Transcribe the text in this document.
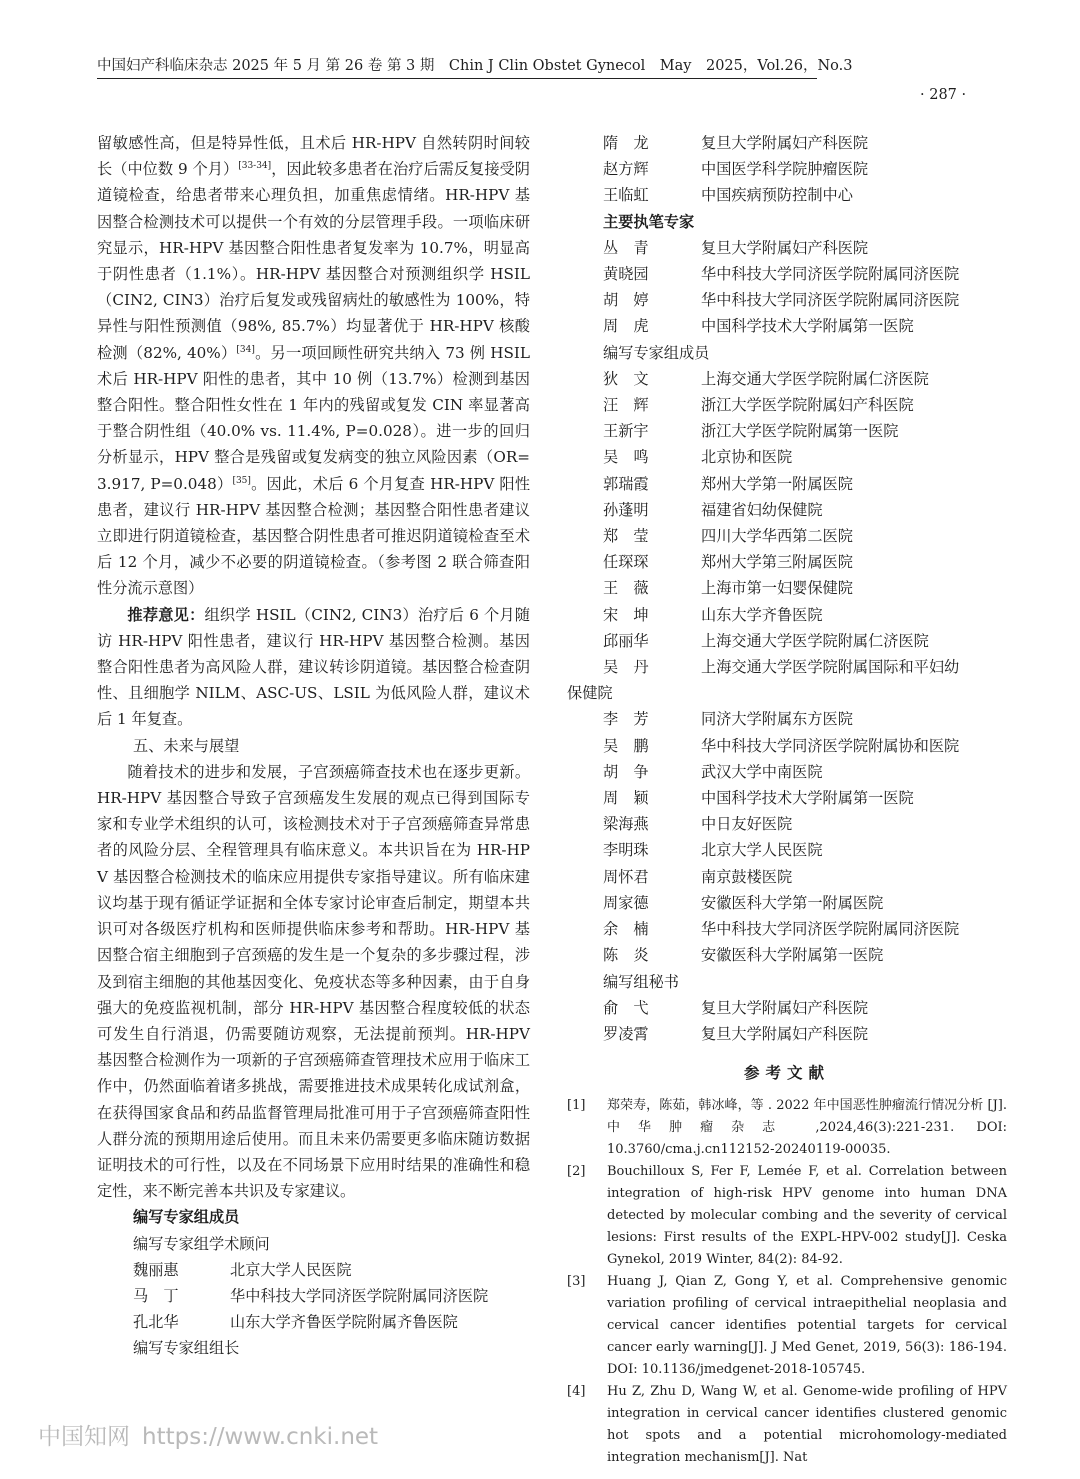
中国妇产科临床杂志 2025 年 5 月 第 26 卷 第 3 期　Chin J Clin Obstet Gynecol　May　2025，Vol.26，No.3
· 287 ·

留敏感性高，但是特异性低，且术后 HR-HPV 自然转阴时间较长（中位数 9 个月）[33-34]，因此较多患者在治疗后需反复接受阴道镜检查，给患者带来心理负担，加重焦虑情绪。HR-HPV 基因整合检测技术可以提供一个有效的分层管理手段。一项临床研究显示，HR-HPV 基因整合阳性患者复发率为 10.7%，明显高于阴性患者（1.1%）。HR-HPV 基因整合对预测组织学 HSIL（CIN2, CIN3）治疗后复发或残留病灶的敏感性为 100%，特异性与阳性预测值（98%, 85.7%）均显著优于 HR-HPV 核酸检测（82%, 40%）[34]。另一项回顾性研究共纳入 73 例 HSIL 术后 HR-HPV 阳性的患者，其中 10 例（13.7%）检测到基因整合阳性。整合阳性女性在 1 年内的残留或复发 CIN 率显著高于整合阴性组（40.0% vs. 11.4%, P=0.028）。进一步的回归分析显示，HPV 整合是残留或复发病变的独立风险因素（OR=3.917, P=0.048）[35]。因此，术后 6 个月复查 HR-HPV 阳性患者，建议行 HR-HPV 基因整合检测；基因整合阳性患者建议立即进行阴道镜检查，基因整合阴性患者可推迟阴道镜检查至术后 12 个月，减少不必要的阴道镜检查。（参考图 2 联合筛查阳性分流示意图）

推荐意见：组织学 HSIL（CIN2, CIN3）治疗后 6 个月随访 HR-HPV 阳性患者，建议行 HR-HPV 基因整合检测。基因整合阳性患者为高风险人群，建议转诊阴道镜。基因整合检查阴性、且细胞学 NILM、ASC-US、LSIL 为低风险人群，建议术后 1 年复查。

五、未来与展望

随着技术的进步和发展，子宫颈癌筛查技术也在逐步更新。HR-HPV 基因整合导致子宫颈癌发生发展的观点已得到国际专家和专业学术组织的认可，该检测技术对于子宫颈癌筛查异常患者的风险分层、全程管理具有临床意义。本共识旨在为 HR-HPV 基因整合检测技术的临床应用提供专家指导建议。所有临床建议均基于现有循证学证据和全体专家讨论审查后制定，期望本共识可对各级医疗机构和医师提供临床参考和帮助。HR-HPV 基因整合宿主细胞到子宫颈癌的发生是一个复杂的多步骤过程，涉及到宿主细胞的其他基因变化、免疫状态等多种因素，由于自身强大的免疫监视机制，部分 HR-HPV 基因整合程度较低的状态可发生自行消退，仍需要随访观察，无法提前预判。HR-HPV 基因整合检测作为一项新的子宫颈癌筛查管理技术应用于临床工作中，仍然面临着诸多挑战，需要推进技术成果转化成试剂盒，在获得国家食品和药品监督管理局批准可用于子宫颈癌筛查阳性人群分流的预期用途后使用。而且未来仍需要更多临床随访数据证明技术的可行性，以及在不同场景下应用时结果的准确性和稳定性，来不断完善本共识及专家建议。

编写专家组成员
编写专家组学术顾问
魏丽惠	北京大学人民医院
马　丁	华中科技大学同济医学院附属同济医院
孔北华	山东大学齐鲁医学院附属齐鲁医院
编写专家组组长
隋　龙	复旦大学附属妇产科医院
赵方辉	中国医学科学院肿瘤医院
王临虹	中国疾病预防控制中心
主要执笔专家
丛　青	复旦大学附属妇产科医院
黄晓园	华中科技大学同济医学院附属同济医院
胡　婷	华中科技大学同济医学院附属同济医院
周　虎	中国科学技术大学附属第一医院
编写专家组成员
狄　文	上海交通大学医学院附属仁济医院
汪　辉	浙江大学医学院附属妇产科医院
王新宇	浙江大学医学院附属第一医院
吴　鸣	北京协和医院
郭瑞霞	郑州大学第一附属医院
孙蓬明	福建省妇幼保健院
郑　莹	四川大学华西第二医院
任琛琛	郑州大学第三附属医院
王　薇	上海市第一妇婴保健院
宋　坤	山东大学齐鲁医院
邱丽华	上海交通大学医学院附属仁济医院
吴　丹	上海交通大学医学院附属国际和平妇幼
保健院
李　芳	同济大学附属东方医院
吴　鹏	华中科技大学同济医学院附属协和医院
胡　争	武汉大学中南医院
周　颖	中国科学技术大学附属第一医院
梁海燕	中日友好医院
李明珠	北京大学人民医院
周怀君	南京鼓楼医院
周家德	安徽医科大学第一附属医院
余　楠	华中科技大学同济医学院附属同济医院
陈　炎	安徽医科大学附属第一医院
编写组秘书
俞　弋	复旦大学附属妇产科医院
罗凌霄	复旦大学附属妇产科医院
参考文献
[1]	郑荣寿，陈茹，韩冰峰，等 . 2022 年中国恶性肿瘤流行情况分析 [J]. 中华肿瘤杂志 ,2024,46(3):221-231. DOI: 10.3760/cma.j.cn112152-20240119-00035.
[2]	Bouchilloux S, Fer F, Lemée F, et al. Correlation between integration of high-risk HPV genome into human DNA detected by molecular combing and the severity of cervical lesions: First results of the EXPL-HPV-002 study[J]. Ceska Gynekol, 2019 Winter, 84(2): 84-92.
[3]	Huang J, Qian Z, Gong Y, et al. Comprehensive genomic variation profiling of cervical intraepithelial neoplasia and cervical cancer identifies potential targets for cervical cancer early warning[J]. J Med Genet, 2019, 56(3): 186-194. DOI: 10.1136/jmedgenet-2018-105745.
[4]	Hu Z, Zhu D, Wang W, et al. Genome-wide profiling of HPV integration in cervical cancer identifies clustered genomic hot spots and a potential microhomology-mediated integration mechanism[J]. Nat
中国知网 https://www.cnki.net
